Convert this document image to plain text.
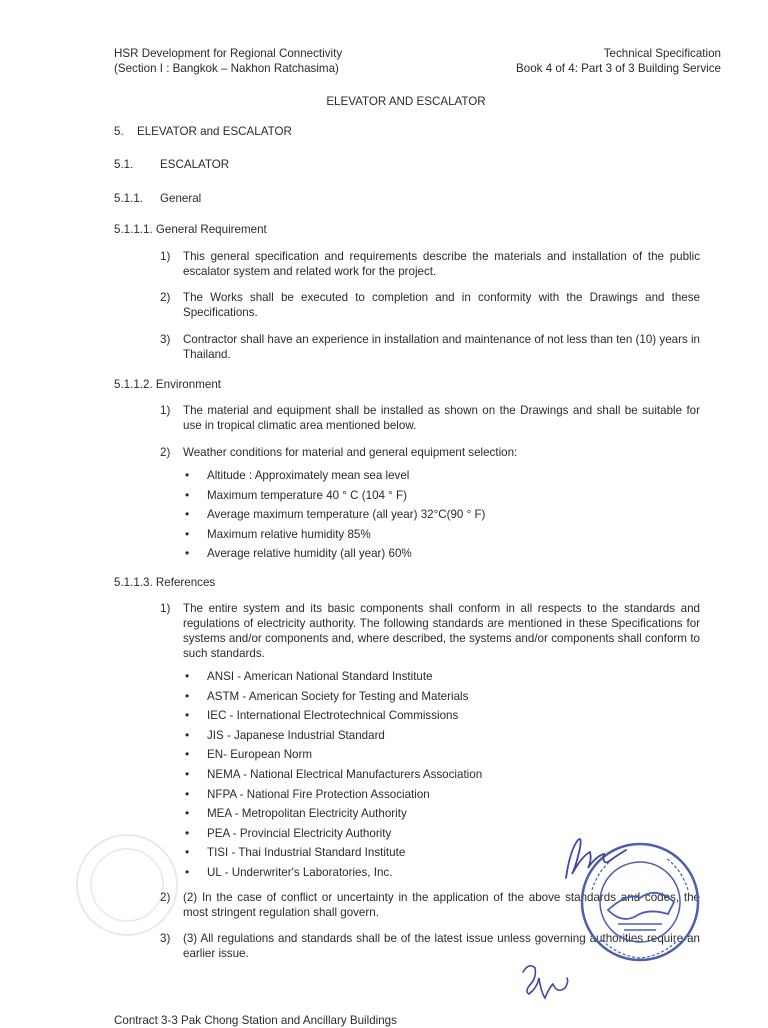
HSR Development for Regional Connectivity
(Section I : Bangkok – Nakhon Ratchasima)
Technical Specification
Book 4 of 4: Part 3 of 3 Building Service
ELEVATOR AND ESCALATOR
5. ELEVATOR and ESCALATOR
5.1. ESCALATOR
5.1.1. General
5.1.1.1. General Requirement
1) This general specification and requirements describe the materials and installation of the public escalator system and related work for the project.
2) The Works shall be executed to completion and in conformity with the Drawings and these Specifications.
3) Contractor shall have an experience in installation and maintenance of not less than ten (10) years in Thailand.
5.1.1.2. Environment
1) The material and equipment shall be installed as shown on the Drawings and shall be suitable for use in tropical climatic area mentioned below.
2) Weather conditions for material and general equipment selection:
• Altitude : Approximately mean sea level
• Maximum temperature 40 ° C (104 ° F)
• Average maximum temperature (all year) 32°C(90 ° F)
• Maximum relative humidity 85%
• Average relative humidity (all year) 60%
5.1.1.3. References
1) The entire system and its basic components shall conform in all respects to the standards and regulations of electricity authority. The following standards are mentioned in these Specifications for systems and/or components and, where described, the systems and/or components shall conform to such standards.
• ANSI - American National Standard Institute
• ASTM - American Society for Testing and Materials
• IEC - International Electrotechnical Commissions
• JIS - Japanese Industrial Standard
• EN- European Norm
• NEMA - National Electrical Manufacturers Association
• NFPA - National Fire Protection Association
• MEA - Metropolitan Electricity Authority
• PEA - Provincial Electricity Authority
• TISI - Thai Industrial Standard Institute
• UL - Underwriter's Laboratories, Inc.
2) (2) In the case of conflict or uncertainty in the application of the above standards and codes, the most stringent regulation shall govern.
3) (3) All regulations and standards shall be of the latest issue unless governing authorities require an earlier issue.
Contract 3-3 Pak Chong Station and Ancillary Buildings
